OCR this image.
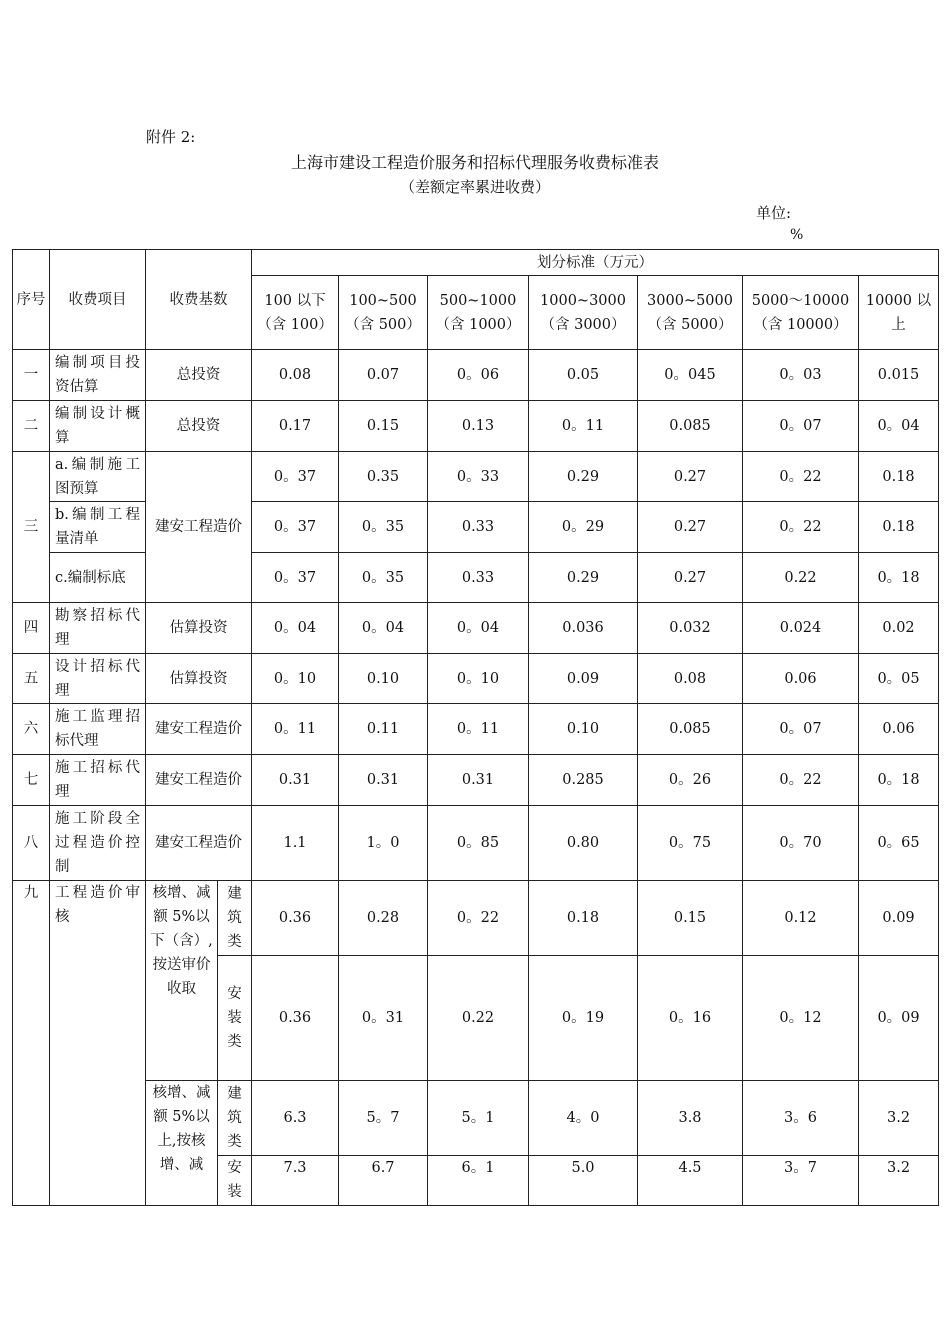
附件 2:
上海市建设工程造价服务和招标代理服务收费标准表
（差额定率累进收费）
单位:
%
序号	收费项目	收费基数		划分标准（万元）						
				100 以下（含 100）	100~500（含 500）	500~1000（含 1000）	1000~3000（含 3000）	3000~5000（含 5000）	5000～10000（含 10000）	10000 以上
一	编制项目投资估算	总投资		0.08	0.07	0。06	0.05	0。045	0。03	0.015
二	编制设计概算	总投资		0.17	0.15	0.13	0。11	0.085	0。07	0。04
三	a.编制施工图预算	建安工程造价		0。37	0.35	0。33	0.29	0.27	0。22	0.18
	b.编制工程量清单			0。37	0。35	0.33	0。29	0.27	0。22	0.18
	c.编制标底			0。37	0。35	0.33	0.29	0.27	0.22	0。18
四	勘察招标代理	估算投资		0。04	0。04	0。04	0.036	0.032	0.024	0.02
五	设计招标代理	估算投资		0。10	0.10	0。10	0.09	0.08	0.06	0。05
六	施工监理招标代理	建安工程造价		0。11	0.11	0。11	0.10	0.085	0。07	0.06
七	施工招标代理	建安工程造价		0.31	0.31	0.31	0.285	0。26	0。22	0。18
八	施工阶段全过程造价控制	建安工程造价		1.1	1。0	0。85	0.80	0。75	0。70	0。65
九	工程造价审核	核增、减额 5%以下（含）,按送审价收取	建筑类	0.36	0.28	0。22	0.18	0.15	0.12	0.09
			安装类	0.36	0。31	0.22	0。19	0。16	0。12	0。09
		核增、减额 5%以上,按核增、减	建筑类	6.3	5。7	5。1	4。0	3.8	3。6	3.2
			安装	7.3	6.7	6。1	5.0	4.5	3。7	3.2
